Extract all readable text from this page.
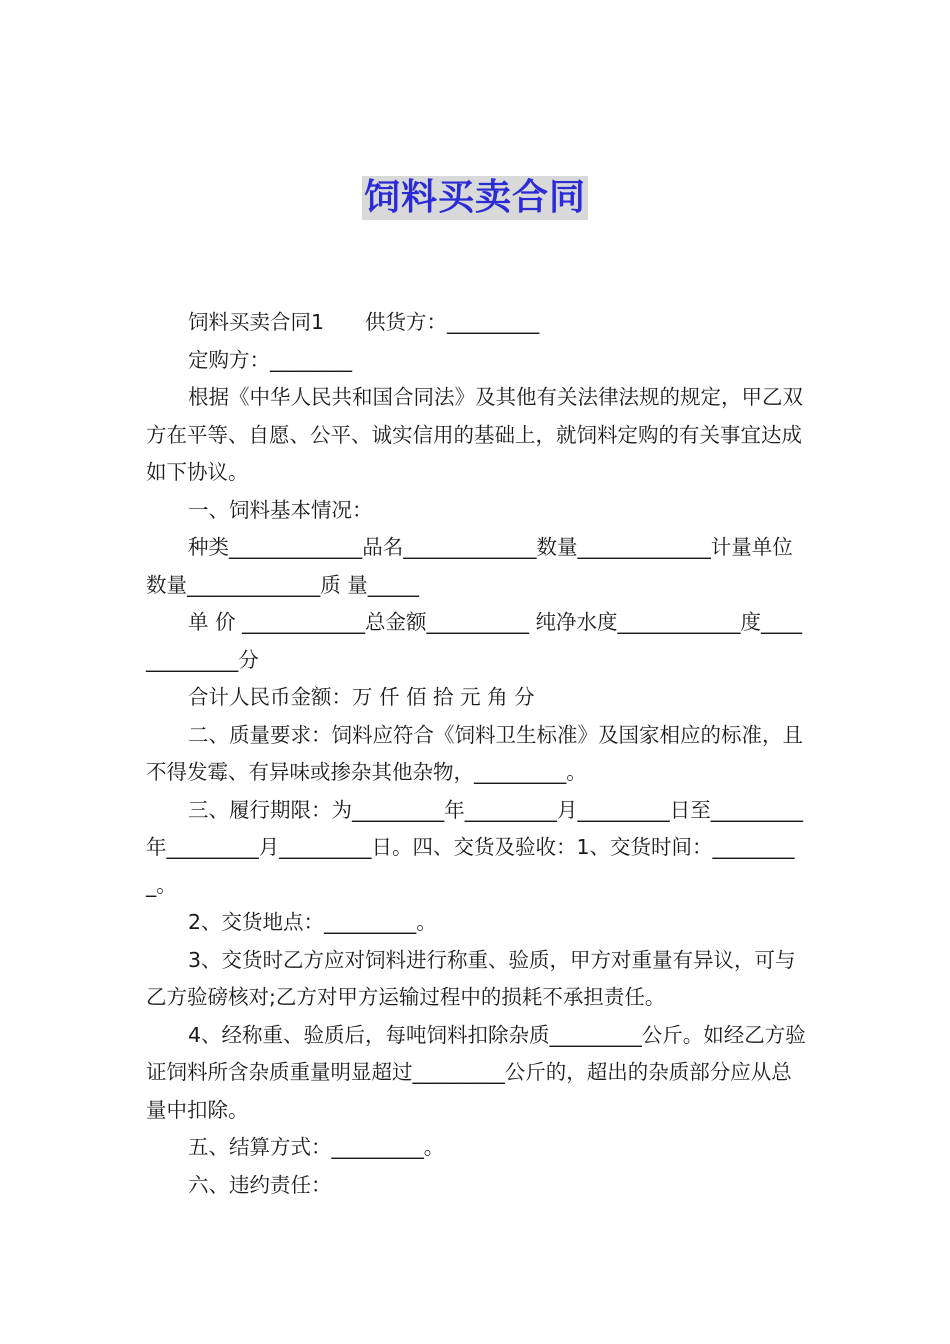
饲料买卖合同

饲料买卖合同1　　供货方：_________

定购方：________

根据《中华人民共和国合同法》及其他有关法律法规的规定，甲乙双方在平等、自愿、公平、诚实信用的基础上，就饲料定购的有关事宜达成如下协议。

一、饲料基本情况：

种类_____________品名_____________数量_____________计量单位数量_____________质 量_____

单 价 ____________总金额__________ 纯净水度____________度_____________分

合计人民币金额：万 仟 佰 拾 元 角 分

二、质量要求：饲料应符合《饲料卫生标准》及国家相应的标准，且不得发霉、有异味或掺杂其他杂物，_________。

三、履行期限：为_________年_________月_________日至_________年_________月_________日。四、交货及验收：1、交货时间：_________。

2、交货地点：_________。

3、交货时乙方应对饲料进行称重、验质，甲方对重量有异议，可与乙方验磅核对;乙方对甲方运输过程中的损耗不承担责任。

4、经称重、验质后，每吨饲料扣除杂质_________公斤。如经乙方验证饲料所含杂质重量明显超过_________公斤的，超出的杂质部分应从总量中扣除。

五、结算方式：_________。

六、违约责任：
